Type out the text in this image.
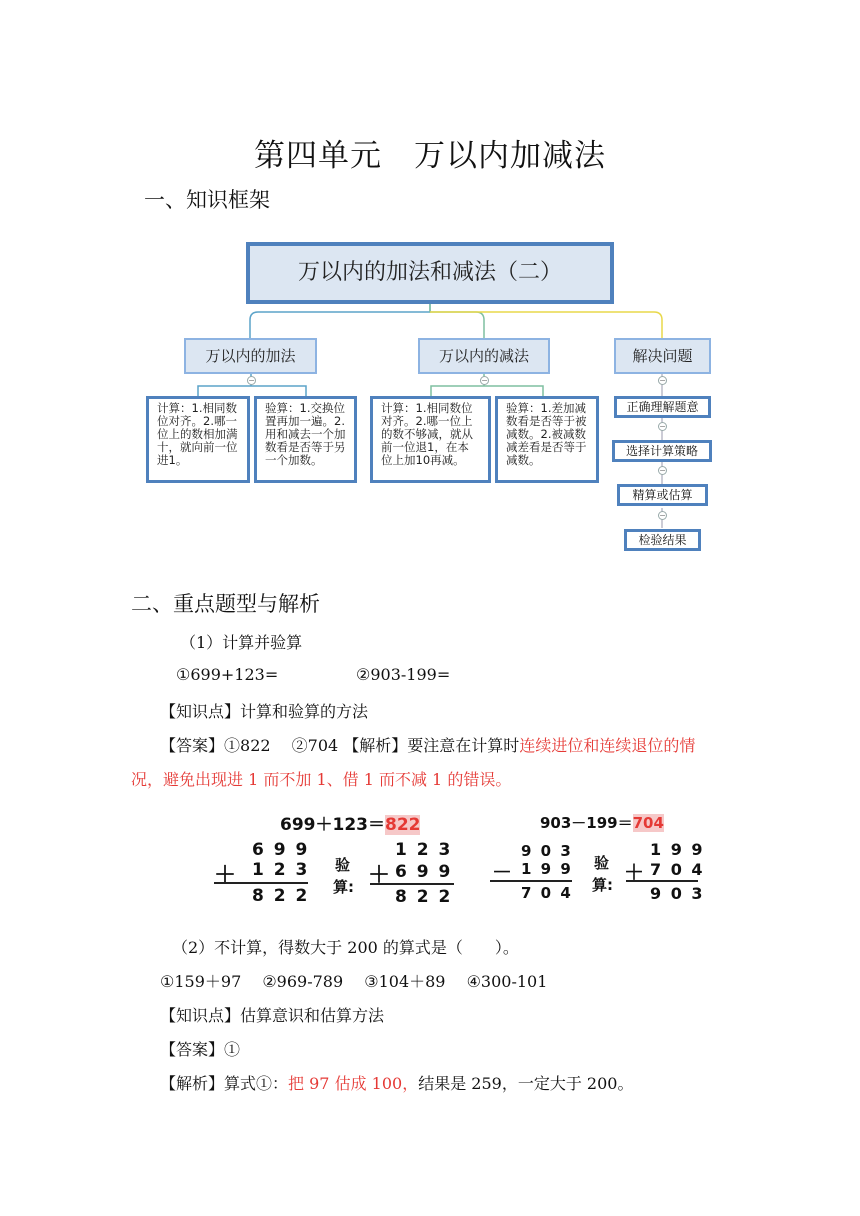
第四单元　万以内加减法
一、知识框架
万以内的加法和减法（二）
万以内的加法	万以内的减法	解决问题
−	−	−
计算：1.相同数位对齐。2.哪一位上的数相加满十，就向前一位进1。
验算：1.交换位置再加一遍。2.用和减去一个加数看是否等于另一个加数。
计算：1.相同数位对齐。2.哪一位上的数不够减，就从前一位退1，在本位上加10再减。
验算：1.差加减数看是否等于被减数。2.被减数减差看是否等于减数。
正确理解题意
−
选择计算策略
−
精算或估算
−
检验结果
二、重点题型与解析
（1）计算并验算
①699+123=	②903-199=
【知识点】计算和验算的方法
【答案】①822　 ②704 【解析】要注意在计算时连续进位和连续退位的情
况，避免出现进 1 而不加 1、借 1 而不减 1 的错误。
699＋123＝822	903－199＝704
6 9 9
＋ 1 2 3
8 2 2
验
算:
1 2 3
＋ 6 9 9
8 2 2
9 0 3
－ 1 9 9
7 0 4
验
算:
1 9 9
＋ 7 0 4
9 0 3
（2）不计算，得数大于 200 的算式是（　　）。
①159＋97　 ②969-789　 ③104＋89　 ④300-101
【知识点】估算意识和估算方法
【答案】①
【解析】算式①：把 97 估成 100，结果是 259，一定大于 200。
